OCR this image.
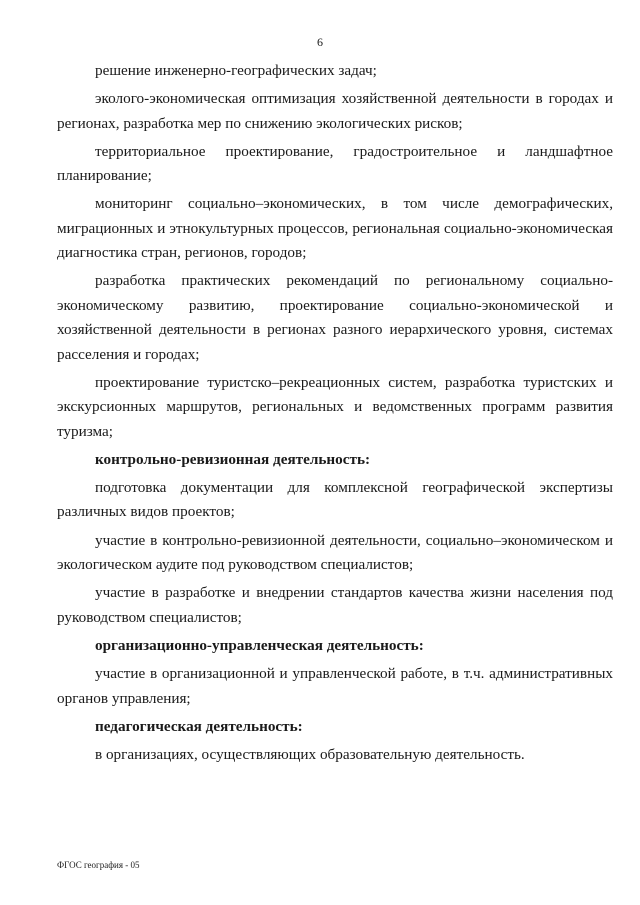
6

решение инженерно-географических задач;

эколого-экономическая оптимизация хозяйственной деятельности в городах и регионах, разработка мер по снижению экологических рисков;

территориальное проектирование, градостроительное и ландшафтное планирование;

мониторинг социально–экономических, в том числе демографических, миграционных и этнокультурных процессов, региональная социально-экономическая диагностика стран, регионов, городов;

разработка практических рекомендаций по региональному социально-экономическому развитию, проектирование социально-экономической и хозяйственной деятельности в регионах разного иерархического уровня, системах расселения и городах;

проектирование туристско–рекреационных систем, разработка туристских и экскурсионных маршрутов, региональных и ведомственных программ развития туризма;

контрольно-ревизионная деятельность:

подготовка документации для комплексной географической экспертизы различных видов проектов;

участие в контрольно-ревизионной деятельности, социально–экономическом и экологическом аудите под руководством специалистов;

участие в разработке и внедрении стандартов качества жизни населения под руководством специалистов;

организационно-управленческая деятельность:

участие в организационной и управленческой работе, в т.ч. административных органов управления;

педагогическая деятельность:

в организациях, осуществляющих образовательную деятельность.

ФГОС география - 05
